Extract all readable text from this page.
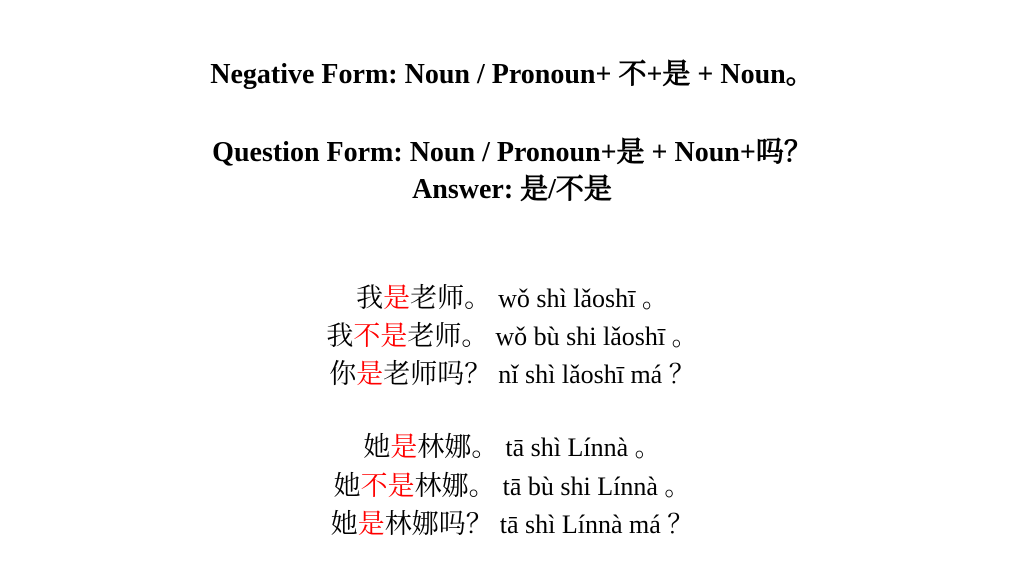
Negative Form: Noun / Pronoun+ 不+是 + Noun。
Question Form: Noun / Pronoun+是 + Noun+吗？
Answer: 是/不是
我是老师。 wǒ shì lǎoshī 。
我不是老师。 wǒ bù shi lǎoshī 。
你是老师吗？ nǐ shì lǎoshī má ？
她是林娜。 tā shì Línnà 。
她不是林娜。 tā bù shi Línnà 。
她是林娜吗？ tā shì Línnà má ？
